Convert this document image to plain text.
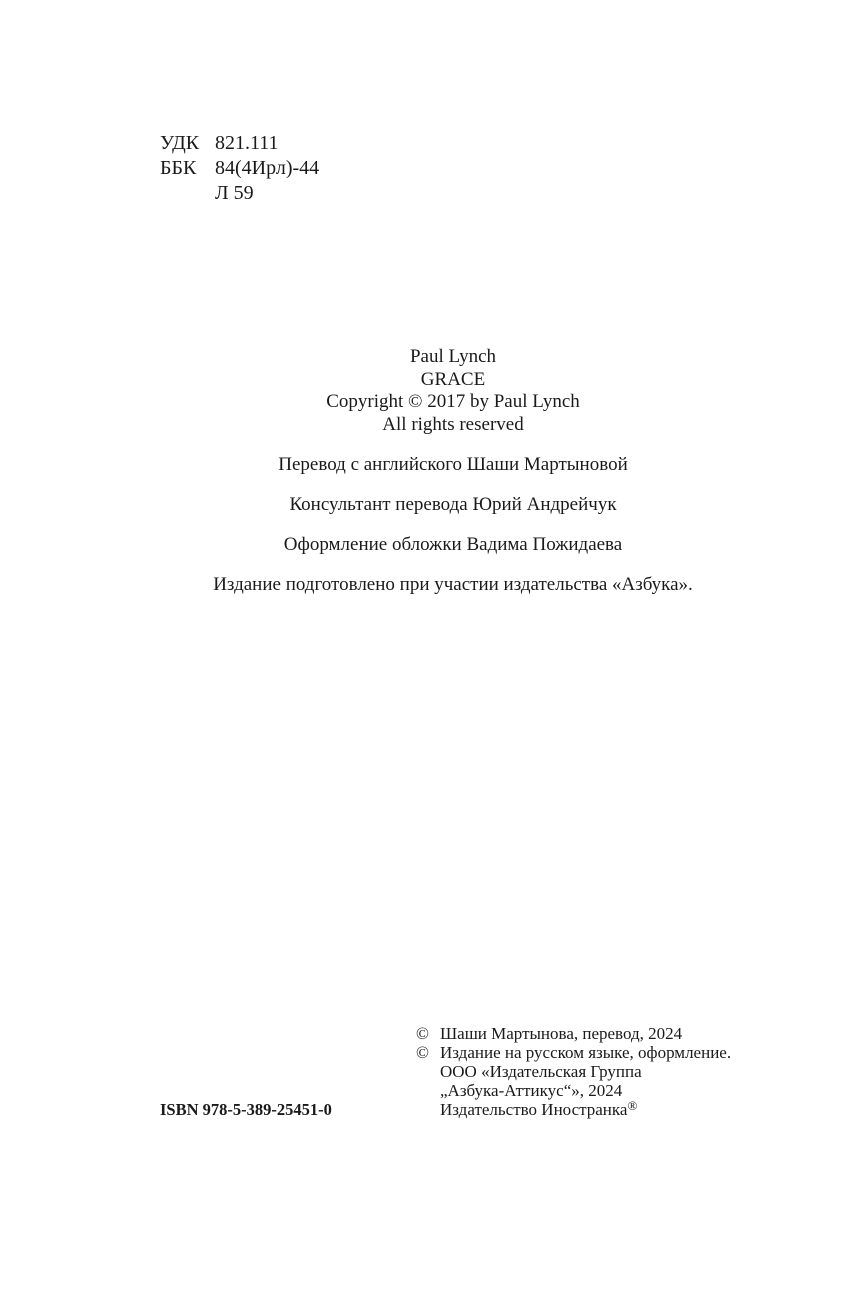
УДК 821.111
ББК 84(4Ирл)-44
Л 59
Paul Lynch
GRACE
Copyright © 2017 by Paul Lynch
All rights reserved
Перевод с английского Шаши Мартыновой
Консультант перевода Юрий Андрейчук
Оформление обложки Вадима Пожидаева
Издание подготовлено при участии издательства «Азбука».
ISBN 978-5-389-25451-0
© Шаши Мартынова, перевод, 2024
© Издание на русском языке, оформление.
ООО «Издательская Группа
„Азбука-Аттикус“», 2024
Издательство Иностранка®
